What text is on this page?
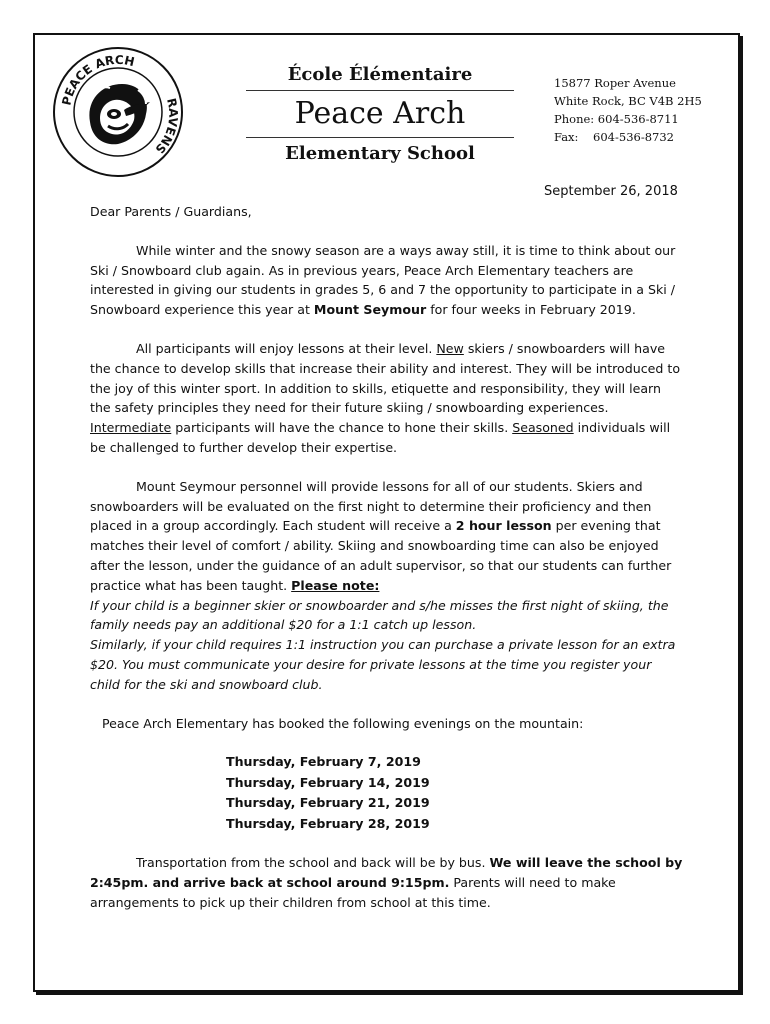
PEACE ARCH
RAVENS
École Élémentaire
Peace Arch
Elementary School
15877 Roper Avenue
White Rock, BC V4B 2H5
Phone: 604-536-8711
Fax: 604-536-8732
September 26, 2018

Dear Parents / Guardians,

While winter and the snowy season are a ways away still, it is time to think about our Ski / Snowboard club again. As in previous years, Peace Arch Elementary teachers are interested in giving our students in grades 5, 6 and 7 the opportunity to participate in a Ski / Snowboard experience this year at Mount Seymour for four weeks in February 2019.

All participants will enjoy lessons at their level. New skiers / snowboarders will have the chance to develop skills that increase their ability and interest. They will be introduced to the joy of this winter sport. In addition to skills, etiquette and responsibility, they will learn the safety principles they need for their future skiing / snowboarding experiences. Intermediate participants will have the chance to hone their skills. Seasoned individuals will be challenged to further develop their expertise.

Mount Seymour personnel will provide lessons for all of our students. Skiers and snowboarders will be evaluated on the first night to determine their proficiency and then placed in a group accordingly. Each student will receive a 2 hour lesson per evening that matches their level of comfort / ability. Skiing and snowboarding time can also be enjoyed after the lesson, under the guidance of an adult supervisor, so that our students can further practice what has been taught. Please note:

If your child is a beginner skier or snowboarder and s/he misses the first night of skiing, the family needs pay an additional $20 for a 1:1 catch up lesson.

Similarly, if your child requires 1:1 instruction you can purchase a private lesson for an extra $20. You must communicate your desire for private lessons at the time you register your child for the ski and snowboard club.

Peace Arch Elementary has booked the following evenings on the mountain:

Thursday, February 7, 2019
Thursday, February 14, 2019
Thursday, February 21, 2019
Thursday, February 28, 2019

Transportation from the school and back will be by bus. We will leave the school by 2:45pm. and arrive back at school around 9:15pm. Parents will need to make arrangements to pick up their children from school at this time.
